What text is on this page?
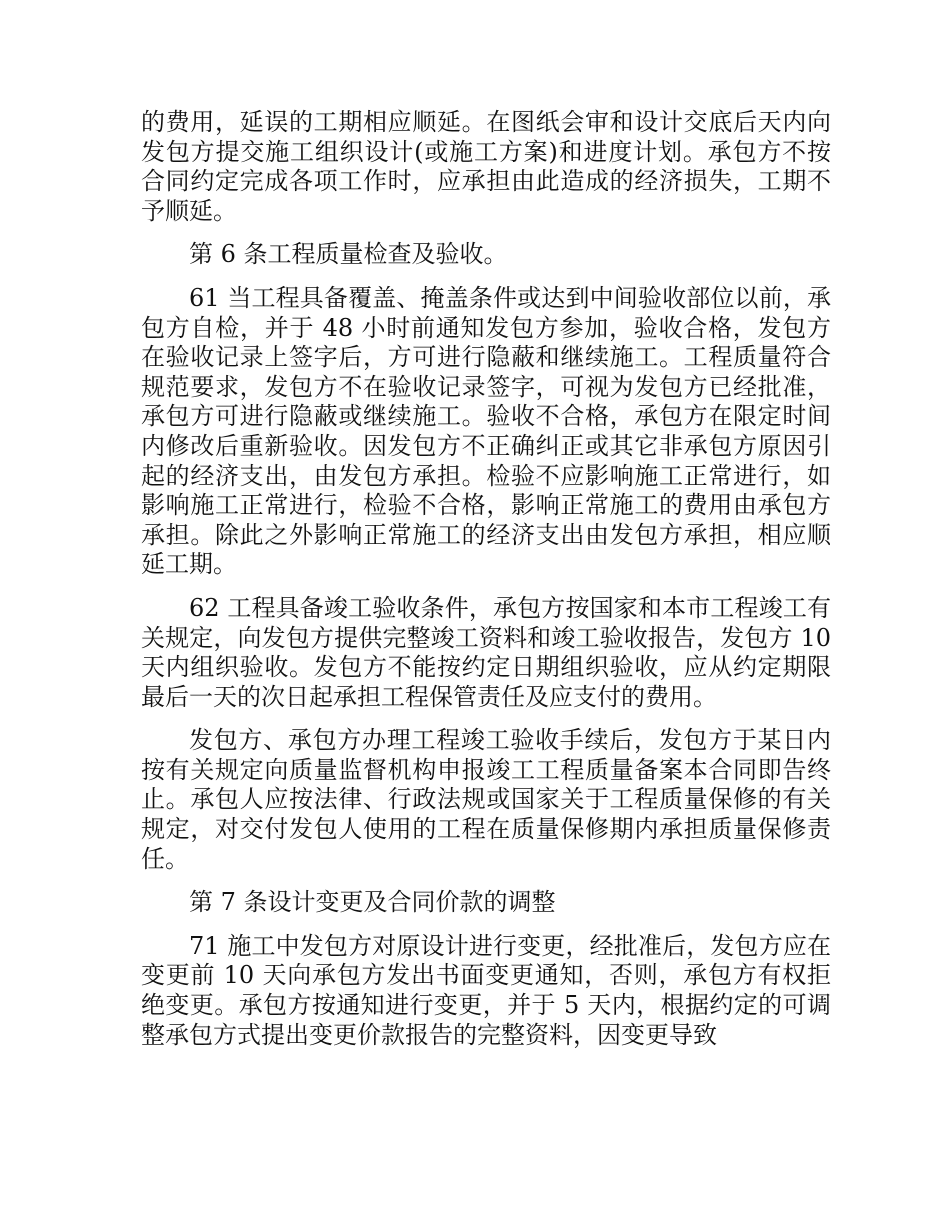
的费用，延误的工期相应顺延。在图纸会审和设计交底后天内向发包方提交施工组织设计(或施工方案)和进度计划。承包方不按合同约定完成各项工作时，应承担由此造成的经济损失，工期不予顺延。

第 6 条工程质量检查及验收。

61 当工程具备覆盖、掩盖条件或达到中间验收部位以前，承包方自检，并于 48 小时前通知发包方参加，验收合格，发包方在验收记录上签字后，方可进行隐蔽和继续施工。工程质量符合规范要求，发包方不在验收记录签字，可视为发包方已经批准，承包方可进行隐蔽或继续施工。验收不合格，承包方在限定时间内修改后重新验收。因发包方不正确纠正或其它非承包方原因引起的经济支出，由发包方承担。检验不应影响施工正常进行，如影响施工正常进行，检验不合格，影响正常施工的费用由承包方承担。除此之外影响正常施工的经济支出由发包方承担，相应顺延工期。

62 工程具备竣工验收条件，承包方按国家和本市工程竣工有关规定，向发包方提供完整竣工资料和竣工验收报告，发包方 10 天内组织验收。发包方不能按约定日期组织验收，应从约定期限最后一天的次日起承担工程保管责任及应支付的费用。

发包方、承包方办理工程竣工验收手续后，发包方于某日内按有关规定向质量监督机构申报竣工工程质量备案本合同即告终止。承包人应按法律、行政法规或国家关于工程质量保修的有关规定，对交付发包人使用的工程在质量保修期内承担质量保修责任。

第 7 条设计变更及合同价款的调整

71 施工中发包方对原设计进行变更，经批准后，发包方应在变更前 10 天向承包方发出书面变更通知，否则，承包方有权拒绝变更。承包方按通知进行变更，并于 5 天内，根据约定的可调整承包方式提出变更价款报告的完整资料，因变更导致
